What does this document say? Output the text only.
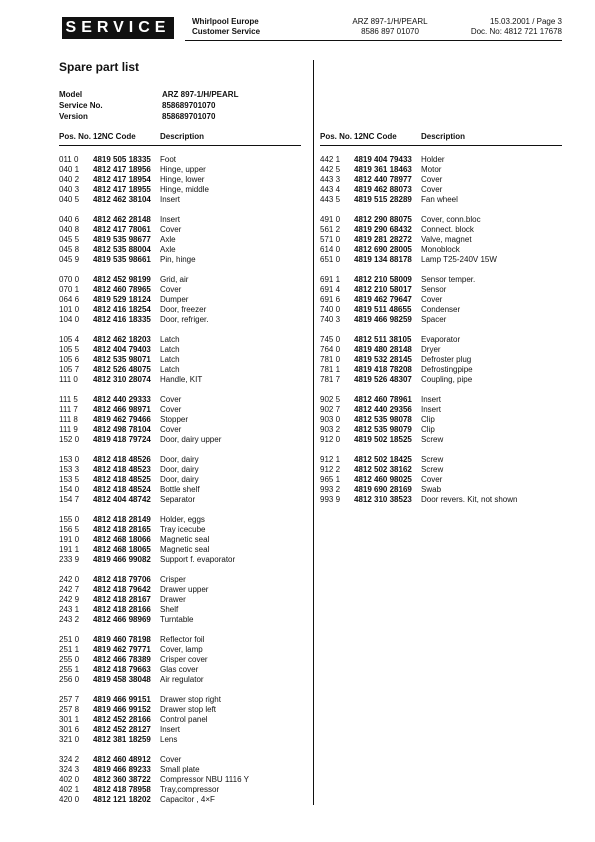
SERVICE	Whirlpool Europe
Customer Service
ARZ 897-1/H/PEARL
8586 897 01070
15.03.2001 / Page 3
Doc. No: 4812 721 17678
Spare part list
Model	ARZ 897-1/H/PEARL
Service No.	858689701070
Version	858689701070
Pos. No. 12NC Code	Description
011 0	4819 505 18335	Foot
040 1	4812 417 18956	Hinge, upper
040 2	4812 417 18954	Hinge, lower
040 3	4812 417 18955	Hinge, middle
040 5	4812 462 38104	Insert
040 6	4812 462 28148	Insert
040 8	4812 417 78061	Cover
045 5	4819 535 98677	Axle
045 8	4812 535 88004	Axle
045 9	4819 535 98661	Pin, hinge
070 0	4812 452 98199	Grid, air
070 1	4812 460 78965	Cover
064 6	4819 529 18124	Dumper
101 0	4812 416 18254	Door, freezer
104 0	4812 416 18335	Door, refriger.
105 4	4812 462 18203	Latch
105 5	4812 404 79403	Latch
105 6	4812 535 98071	Latch
105 7	4812 526 48075	Latch
111 0	4812 310 28074	Handle, KIT
111 5	4812 440 29333	Cover
111 7	4812 466 98971	Cover
111 8	4819 462 79466	Stopper
111 9	4812 498 78104	Cover
152 0	4819 418 79724	Door, dairy upper
153 0	4812 418 48526	Door, dairy
153 3	4812 418 48523	Door, dairy
153 5	4812 418 48525	Door, dairy
154 0	4812 418 48524	Bottle shelf
154 7	4812 404 48742	Separator
155 0	4812 418 28149	Holder, eggs
156 5	4812 418 28165	Tray icecube
191 0	4812 468 18066	Magnetic seal
191 1	4812 468 18065	Magnetic seal
233 9	4819 466 99082	Support f. evaporator
242 0	4812 418 79706	Crisper
242 7	4812 418 79642	Drawer upper
242 9	4812 418 28167	Drawer
243 1	4812 418 28166	Shelf
243 2	4812 466 98969	Turntable
251 0	4819 460 78198	Reflector foil
251 1	4819 462 79771	Cover, lamp
255 0	4812 466 78389	Crisper cover
255 1	4812 418 79663	Glas cover
256 0	4819 458 38048	Air regulator
257 7	4819 466 99151	Drawer stop right
257 8	4819 466 99152	Drawer stop left
301 1	4812 452 28166	Control panel
301 6	4812 452 28127	Insert
321 0	4812 381 18259	Lens
324 2	4812 460 48912	Cover
324 3	4819 466 89233	Small plate
402 0	4812 360 38722	Compressor NBU 1116 Y
402 1	4812 418 78958	Tray,compressor
420 0	4812 121 18202	Capacitor , 4×F
Pos. No. 12NC Code	Description
442 1	4819 404 79433	Holder
442 5	4819 361 18463	Motor
443 3	4812 440 78977	Cover
443 4	4819 462 88073	Cover
443 5	4819 515 28289	Fan wheel
491 0	4812 290 88075	Cover, conn.bloc
561 2	4819 290 68432	Connect. block
571 0	4819 281 28272	Valve, magnet
614 0	4812 690 28005	Monoblock
651 0	4819 134 88178	Lamp T25-240V 15W
691 1	4812 210 58009	Sensor temper.
691 4	4812 210 58017	Sensor
691 6	4819 462 79647	Cover
740 0	4819 511 48655	Condenser
740 3	4819 466 98259	Spacer
745 0	4812 511 38105	Evaporator
764 0	4819 480 28148	Dryer
781 0	4819 532 28145	Defroster plug
781 1	4819 418 78208	Defrostingpipe
781 7	4819 526 48307	Coupling, pipe
902 5	4812 460 78961	Insert
902 7	4812 440 29356	Insert
903 0	4812 535 98078	Clip
903 2	4812 535 98079	Clip
912 0	4819 502 18525	Screw
912 1	4812 502 18425	Screw
912 2	4812 502 38162	Screw
965 1	4812 460 98025	Cover
993 2	4819 690 28169	Swab
993 9	4812 310 38523	Door revers. Kit, not shown
